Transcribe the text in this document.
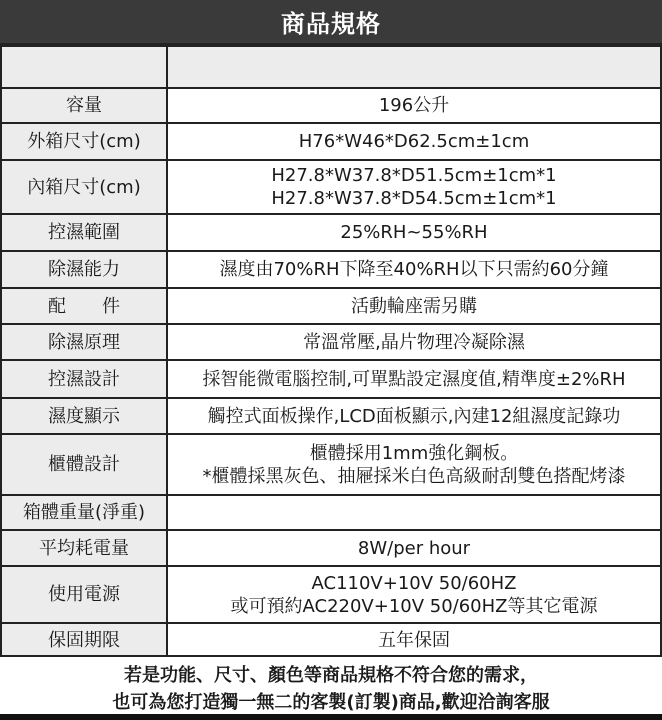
商品規格

容量	196公升

外箱尺寸(cm)	H76*W46*D62.5cm±1cm

內箱尺寸(cm)	H27.8*W37.8*D51.5cm±1cm*1
H27.8*W37.8*D54.5cm±1cm*1

控濕範圍	25%RH~55%RH

除濕能力	濕度由70%RH下降至40%RH以下只需約60分鐘

配　　件	活動輪座需另購

除濕原理	常溫常壓,晶片物理冷凝除濕

控濕設計	採智能微電腦控制,可單點設定濕度值,精準度±2%RH

濕度顯示	觸控式面板操作,LCD面板顯示,內建12組濕度記錄功

櫃體設計	櫃體採用1mm強化鋼板。
*櫃體採黑灰色、抽屜採米白色高級耐刮雙色搭配烤漆

箱體重量(淨重)	

平均耗電量	8W/per hour

使用電源	AC110V+10V 50/60HZ
或可預約AC220V+10V 50/60HZ等其它電源

保固期限	五年保固
若是功能、尺寸、顏色等商品規格不符合您的需求，
也可為您打造獨一無二的客製(訂製)商品,歡迎洽詢客服
